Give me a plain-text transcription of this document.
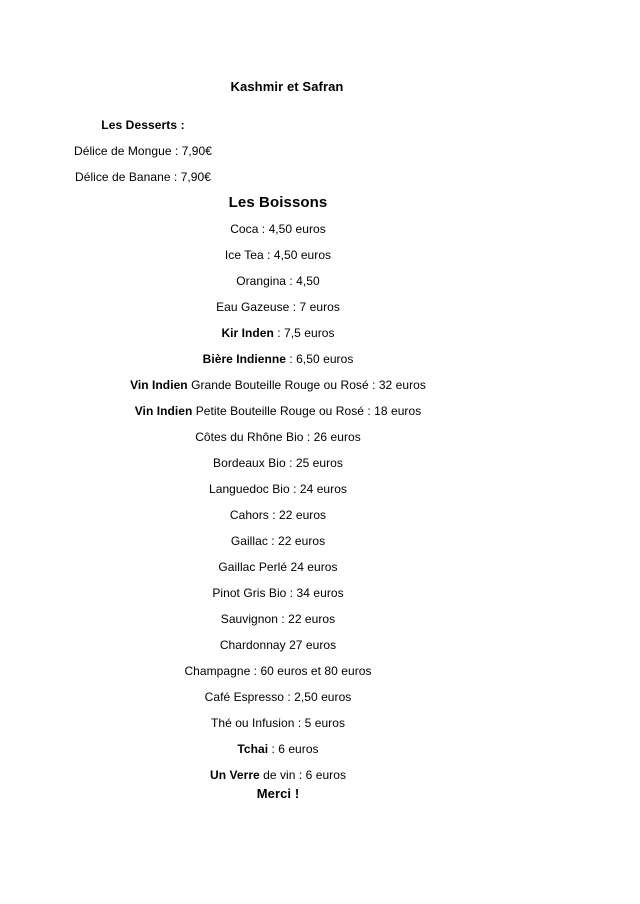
Kashmir et Safran
Les Desserts :
Délice de Mongue : 7,90€
Délice de Banane : 7,90€
Les Boissons
Coca : 4,50 euros
Ice Tea : 4,50 euros
Orangina : 4,50
Eau Gazeuse : 7 euros
Kir Inden : 7,5 euros
Bière Indienne : 6,50 euros
Vin Indien Grande Bouteille Rouge ou Rosé : 32 euros
Vin Indien Petite Bouteille Rouge ou Rosé : 18 euros
Côtes du Rhône Bio : 26 euros
Bordeaux Bio : 25 euros
Languedoc Bio : 24 euros
Cahors : 22 euros
Gaillac : 22 euros
Gaillac Perlé 24 euros
Pinot Gris Bio : 34 euros
Sauvignon : 22 euros
Chardonnay 27 euros
Champagne : 60 euros et 80 euros
Café Espresso : 2,50 euros
Thé ou Infusion : 5 euros
Tchai : 6 euros
Un Verre de vin : 6 euros
Merci !
